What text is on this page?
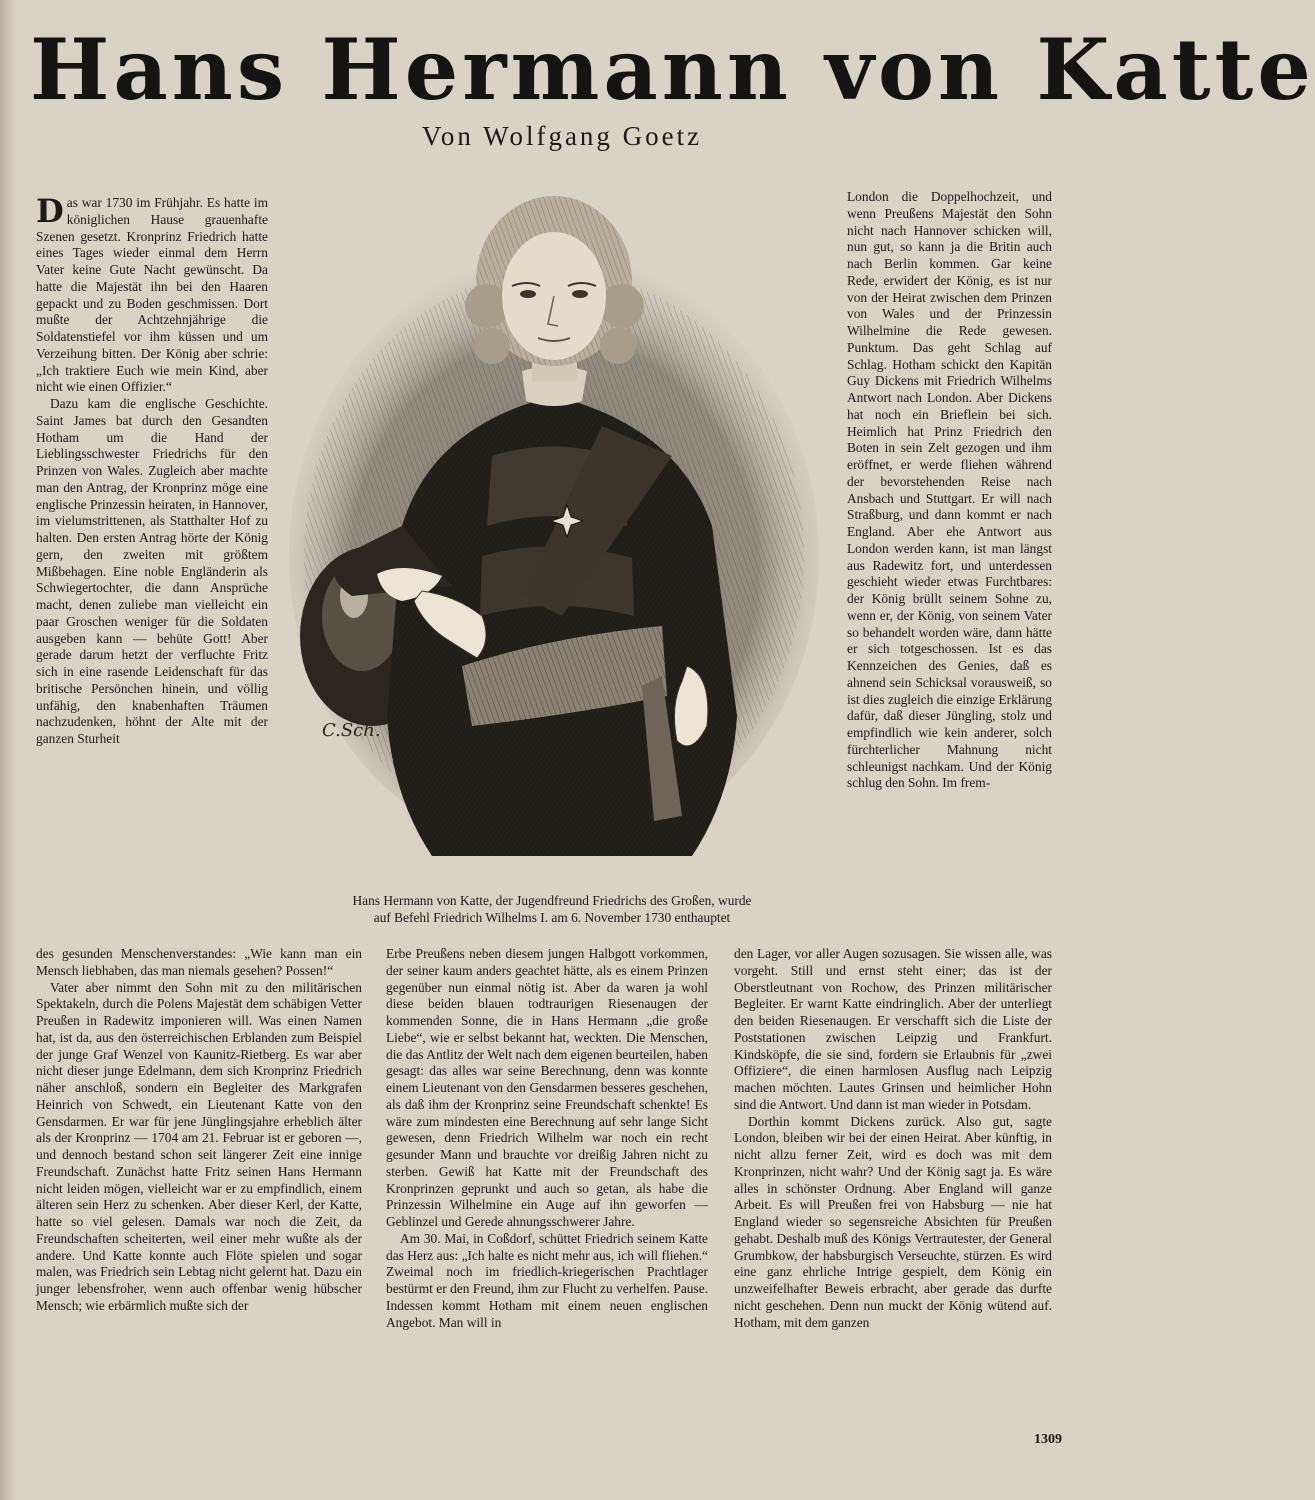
Hans Hermann von Katte
Von Wolfgang Goetz

Das war 1730 im Frühjahr. Es hatte im königlichen Hause grauenhafte Szenen gesetzt. Kronprinz Friedrich hatte eines Tages wieder einmal dem Herrn Vater keine Gute Nacht gewünscht. Da hatte die Majestät ihn bei den Haaren gepackt und zu Boden geschmissen. Dort mußte der Achtzehnjährige die Soldatenstiefel vor ihm küssen und um Verzeihung bitten. Der König aber schrie: „Ich traktiere Euch wie mein Kind, aber nicht wie einen Offizier.“

Dazu kam die englische Geschichte. Saint James bat durch den Gesandten Hotham um die Hand der Lieblingsschwester Friedrichs für den Prinzen von Wales. Zugleich aber machte man den Antrag, der Kronprinz möge eine englische Prinzessin heiraten, in Hannover, im vielumstrittenen, als Statthalter Hof zu halten. Den ersten Antrag hörte der König gern, den zweiten mit größtem Mißbehagen. Eine noble Engländerin als Schwiegertochter, die dann Ansprüche macht, denen zuliebe man vielleicht ein paar Groschen weniger für die Soldaten ausgeben kann — behüte Gott! Aber gerade darum hetzt der verfluchte Fritz sich in eine rasende Leidenschaft für das britische Persönchen hinein, und völlig unfähig, den knabenhaften Träumen nachzudenken, höhnt der Alte mit der ganzen Sturheit	C.Sch.
Hans Hermann von Katte, der Jugendfreund Friedrichs des Großen, wurde
auf Befehl Friedrich Wilhelms I. am 6. November 1730 enthauptet

London die Doppelhochzeit, und wenn Preußens Majestät den Sohn nicht nach Hannover schicken will, nun gut, so kann ja die Britin auch nach Berlin kommen. Gar keine Rede, erwidert der König, es ist nur von der Heirat zwischen dem Prinzen von Wales und der Prinzessin Wilhelmine die Rede gewesen. Punktum. Das geht Schlag auf Schlag. Hotham schickt den Kapitän Guy Dickens mit Friedrich Wilhelms Antwort nach London. Aber Dickens hat noch ein Brieflein bei sich. Heimlich hat Prinz Friedrich den Boten in sein Zelt gezogen und ihm eröffnet, er werde fliehen während der bevorstehenden Reise nach Ansbach und Stuttgart. Er will nach Straßburg, und dann kommt er nach England. Aber ehe Antwort aus London werden kann, ist man längst aus Radewitz fort, und unterdessen geschieht wieder etwas Furchtbares: der König brüllt seinem Sohne zu, wenn er, der König, von seinem Vater so behandelt worden wäre, dann hätte er sich totgeschossen. Ist es das Kennzeichen des Genies, daß es ahnend sein Schicksal vorausweiß, so ist dies zugleich die einzige Erklärung dafür, daß dieser Jüngling, stolz und empfindlich wie kein anderer, solch fürchterlicher Mahnung nicht schleunigst nachkam. Und der König schlug den Sohn. Im frem-

des gesunden Menschenverstandes: „Wie kann man ein Mensch liebhaben, das man niemals gesehen? Possen!“

Vater aber nimmt den Sohn mit zu den militärischen Spektakeln, durch die Polens Majestät dem schäbigen Vetter Preußen in Radewitz imponieren will. Was einen Namen hat, ist da, aus den österreichischen Erblanden zum Beispiel der junge Graf Wenzel von Kaunitz-Rietberg. Es war aber nicht dieser junge Edelmann, dem sich Kronprinz Friedrich näher anschloß, sondern ein Begleiter des Markgrafen Heinrich von Schwedt, ein Lieutenant Katte von den Gensdarmen. Er war für jene Jünglingsjahre erheblich älter als der Kronprinz — 1704 am 21. Februar ist er geboren —, und dennoch bestand schon seit längerer Zeit eine innige Freundschaft. Zunächst hatte Fritz seinen Hans Hermann nicht leiden mögen, vielleicht war er zu empfindlich, einem älteren sein Herz zu schenken. Aber dieser Kerl, der Katte, hatte so viel gelesen. Damals war noch die Zeit, da Freundschaften scheiterten, weil einer mehr wußte als der andere. Und Katte konnte auch Flöte spielen und sogar malen, was Friedrich sein Lebtag nicht gelernt hat. Dazu ein junger lebensfroher, wenn auch offenbar wenig hübscher Mensch; wie erbärmlich mußte sich der

Erbe Preußens neben diesem jungen Halbgott vorkommen, der seiner kaum anders geachtet hätte, als es einem Prinzen gegenüber nun einmal nötig ist. Aber da waren ja wohl diese beiden blauen todtraurigen Riesenaugen der kommenden Sonne, die in Hans Hermann „die große Liebe“, wie er selbst bekannt hat, weckten. Die Menschen, die das Antlitz der Welt nach dem eigenen beurteilen, haben gesagt: das alles war seine Berechnung, denn was konnte einem Lieutenant von den Gensdarmen besseres geschehen, als daß ihm der Kronprinz seine Freundschaft schenkte! Es wäre zum mindesten eine Berechnung auf sehr lange Sicht gewesen, denn Friedrich Wilhelm war noch ein recht gesunder Mann und brauchte vor dreißig Jahren nicht zu sterben. Gewiß hat Katte mit der Freundschaft des Kronprinzen geprunkt und auch so getan, als habe die Prinzessin Wilhelmine ein Auge auf ihn geworfen — Geblinzel und Gerede ahnungsschwerer Jahre.

Am 30. Mai, in Coßdorf, schüttet Friedrich seinem Katte das Herz aus: „Ich halte es nicht mehr aus, ich will fliehen.“ Zweimal noch im friedlich-kriegerischen Prachtlager bestürmt er den Freund, ihm zur Flucht zu verhelfen. Pause. Indessen kommt Hotham mit einem neuen englischen Angebot. Man will in

den Lager, vor aller Augen sozusagen. Sie wissen alle, was vorgeht. Still und ernst steht einer; das ist der Oberstleutnant von Rochow, des Prinzen militärischer Begleiter. Er warnt Katte eindringlich. Aber der unterliegt den beiden Riesenaugen. Er verschafft sich die Liste der Poststationen zwischen Leipzig und Frankfurt. Kindsköpfe, die sie sind, fordern sie Erlaubnis für „zwei Offiziere“, die einen harmlosen Ausflug nach Leipzig machen möchten. Lautes Grinsen und heimlicher Hohn sind die Antwort. Und dann ist man wieder in Potsdam.

Dorthin kommt Dickens zurück. Also gut, sagte London, bleiben wir bei der einen Heirat. Aber künftig, in nicht allzu ferner Zeit, wird es doch was mit dem Kronprinzen, nicht wahr? Und der König sagt ja. Es wäre alles in schönster Ordnung. Aber England will ganze Arbeit. Es will Preußen frei von Habsburg — nie hat England wieder so segensreiche Absichten für Preußen gehabt. Deshalb muß des Königs Vertrautester, der General Grumbkow, der habsburgisch Verseuchte, stürzen. Es wird eine ganz ehrliche Intrige gespielt, dem König ein unzweifelhafter Beweis erbracht, aber gerade das durfte nicht geschehen. Denn nun muckt der König wütend auf. Hotham, mit dem ganzen

1309
